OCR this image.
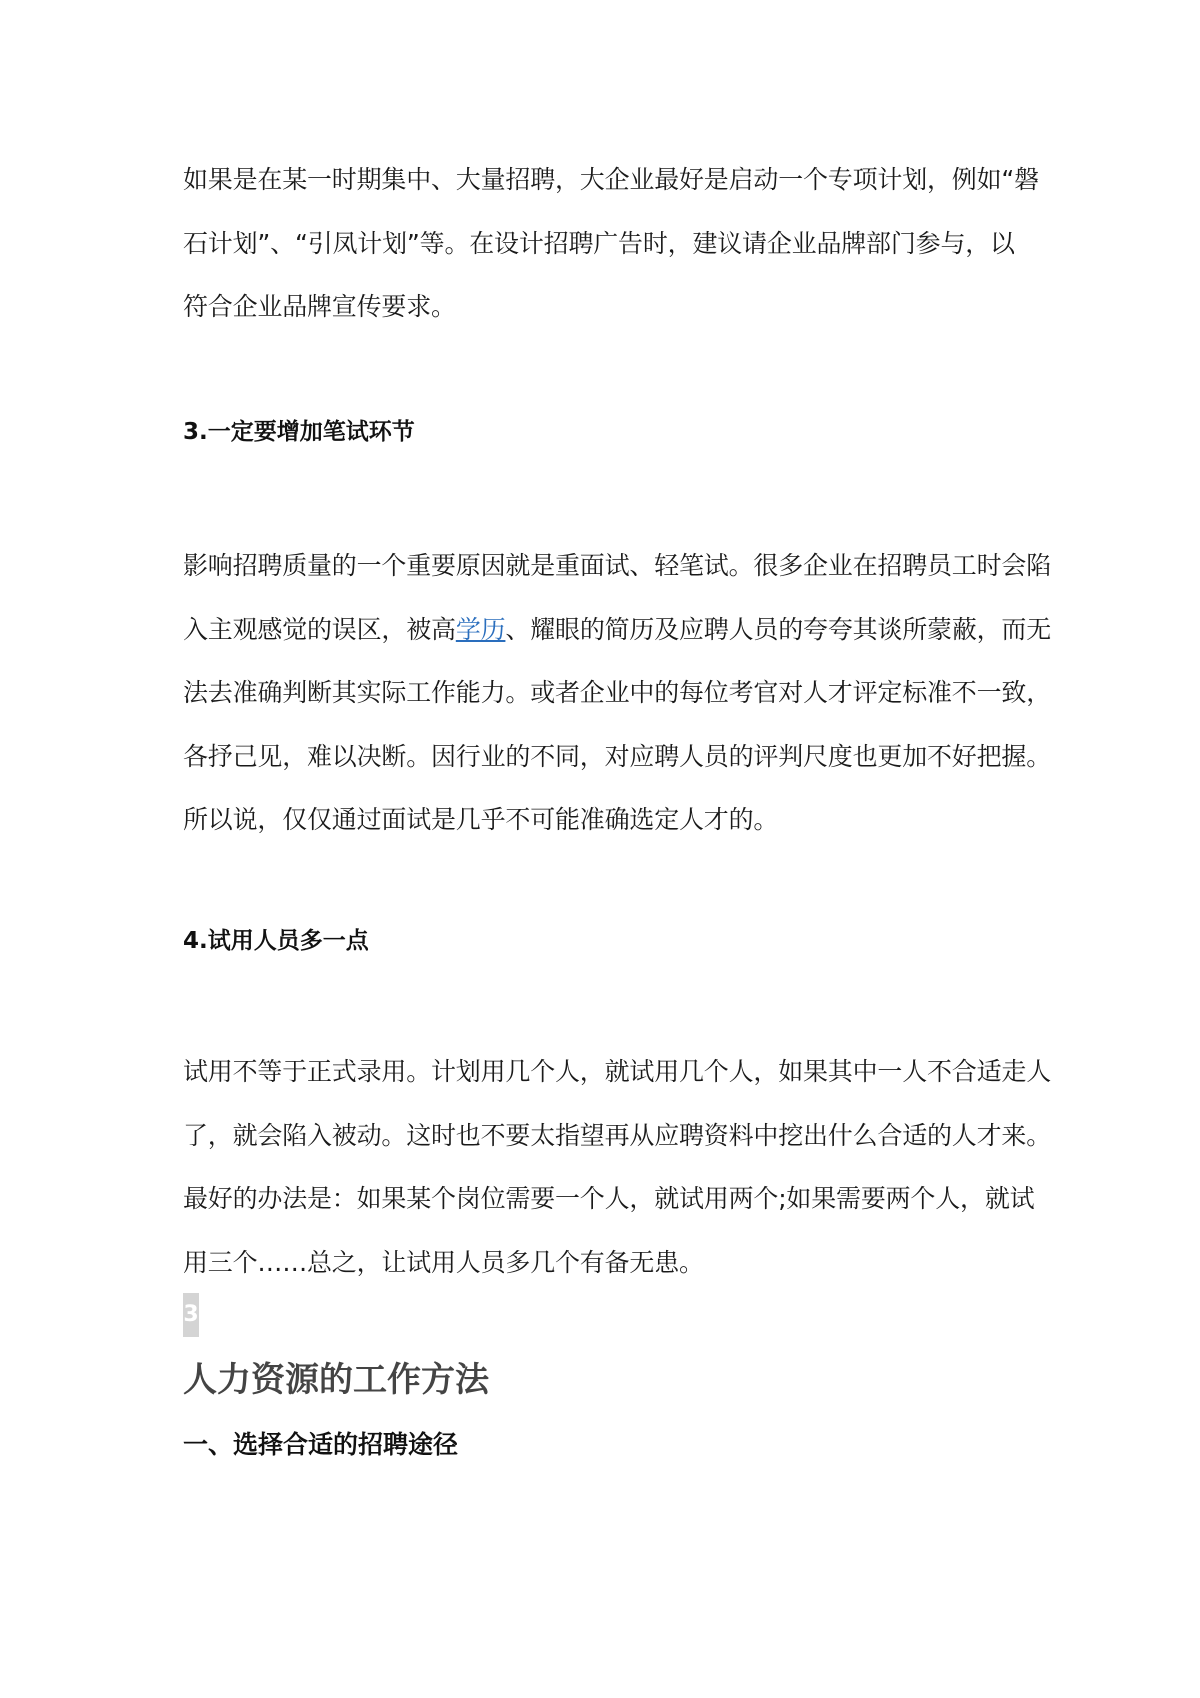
如果是在某一时期集中、大量招聘，大企业最好是启动一个专项计划，例如“磐

石计划”、“引凤计划”等。在设计招聘广告时，建议请企业品牌部门参与，以

符合企业品牌宣传要求。

3.一定要增加笔试环节

影响招聘质量的一个重要原因就是重面试、轻笔试。很多企业在招聘员工时会陷

入主观感觉的误区，被高学历、耀眼的简历及应聘人员的夸夸其谈所蒙蔽，而无

法去准确判断其实际工作能力。或者企业中的每位考官对人才评定标准不一致，

各抒己见，难以决断。因行业的不同，对应聘人员的评判尺度也更加不好把握。

所以说，仅仅通过面试是几乎不可能准确选定人才的。

4.试用人员多一点

试用不等于正式录用。计划用几个人，就试用几个人，如果其中一人不合适走人

了，就会陷入被动。这时也不要太指望再从应聘资料中挖出什么合适的人才来。

最好的办法是：如果某个岗位需要一个人，就试用两个;如果需要两个人，就试

用三个……总之，让试用人员多几个有备无患。

3

人力资源的工作方法

一、选择合适的招聘途径
